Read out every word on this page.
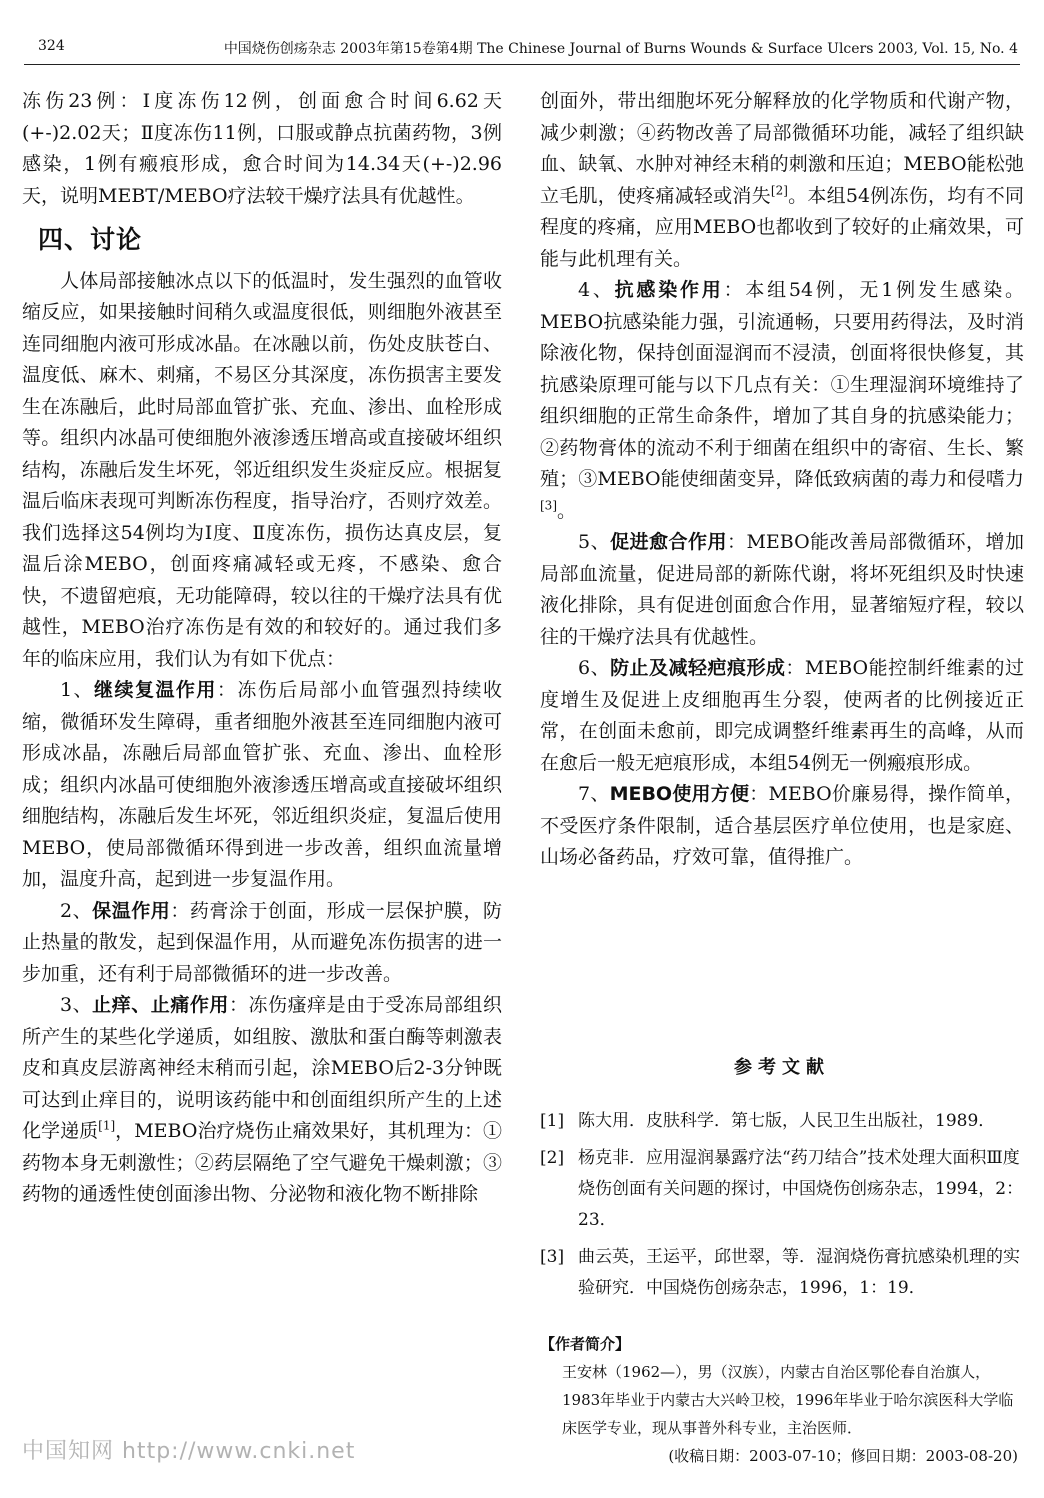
324	中国烧伤创疡杂志 2003年第15卷第4期 The Chinese Journal of Burns Wounds & Surface Ulcers 2003, Vol. 15, No. 4

冻伤23例：Ⅰ度冻伤12例，创面愈合时间6.62天(+-)2.02天；Ⅱ度冻伤11例，口服或静点抗菌药物，3例感染，1例有瘢痕形成，愈合时间为14.34天(+-)2.96天，说明MEBT/MEBO疗法较干燥疗法具有优越性。

四、讨论

人体局部接触冰点以下的低温时，发生强烈的血管收缩反应，如果接触时间稍久或温度很低，则细胞外液甚至连同细胞内液可形成冰晶。在冰融以前，伤处皮肤苍白、温度低、麻木、刺痛，不易区分其深度，冻伤损害主要发生在冻融后，此时局部血管扩张、充血、渗出、血栓形成等。组织内冰晶可使细胞外液渗透压增高或直接破坏组织结构，冻融后发生坏死，邻近组织发生炎症反应。根据复温后临床表现可判断冻伤程度，指导治疗，否则疗效差。我们选择这54例均为Ⅰ度、Ⅱ度冻伤，损伤达真皮层，复温后涂MEBO，创面疼痛减轻或无疼，不感染、愈合快，不遗留疤痕，无功能障碍，较以往的干燥疗法具有优越性，MEBO治疗冻伤是有效的和较好的。通过我们多年的临床应用，我们认为有如下优点：

1、继续复温作用：冻伤后局部小血管强烈持续收缩，微循环发生障碍，重者细胞外液甚至连同细胞内液可形成冰晶，冻融后局部血管扩张、充血、渗出、血栓形成；组织内冰晶可使细胞外液渗透压增高或直接破坏组织细胞结构，冻融后发生坏死，邻近组织炎症，复温后使用MEBO，使局部微循环得到进一步改善，组织血流量增加，温度升高，起到进一步复温作用。

2、保温作用：药膏涂于创面，形成一层保护膜，防止热量的散发，起到保温作用，从而避免冻伤损害的进一步加重，还有利于局部微循环的进一步改善。

3、止痒、止痛作用：冻伤瘙痒是由于受冻局部组织所产生的某些化学递质，如组胺、激肽和蛋白酶等刺激表皮和真皮层游离神经末稍而引起，涂MEBO后2-3分钟既可达到止痒目的，说明该药能中和创面组织所产生的上述化学递质[1]，MEBO治疗烧伤止痛效果好，其机理为：①药物本身无刺激性；②药层隔绝了空气避免干燥刺激；③药物的通透性使创面渗出物、分泌物和液化物不断排除

创面外，带出细胞坏死分解释放的化学物质和代谢产物，减少刺激；④药物改善了局部微循环功能，减轻了组织缺血、缺氧、水肿对神经末稍的刺激和压迫；MEBO能松弛立毛肌，使疼痛减轻或消失[2]。本组54例冻伤，均有不同程度的疼痛，应用MEBO也都收到了较好的止痛效果，可能与此机理有关。

4、抗感染作用：本组54例，无1例发生感染。MEBO抗感染能力强，引流通畅，只要用药得法，及时消除液化物，保持创面湿润而不浸渍，创面将很快修复，其抗感染原理可能与以下几点有关：①生理湿润环境维持了组织细胞的正常生命条件，增加了其自身的抗感染能力；②药物膏体的流动不利于细菌在组织中的寄宿、生长、繁殖；③MEBO能使细菌变异，降低致病菌的毒力和侵嗜力[3]。

5、促进愈合作用：MEBO能改善局部微循环，增加局部血流量，促进局部的新陈代谢，将坏死组织及时快速液化排除，具有促进创面愈合作用，显著缩短疗程，较以往的干燥疗法具有优越性。

6、防止及减轻疤痕形成：MEBO能控制纤维素的过度增生及促进上皮细胞再生分裂，使两者的比例接近正常，在创面未愈前，即完成调整纤维素再生的高峰，从而在愈后一般无疤痕形成，本组54例无一例瘢痕形成。

7、MEBO使用方便：MEBO价廉易得，操作简单，不受医疗条件限制，适合基层医疗单位使用，也是家庭、山场必备药品，疗效可靠，值得推广。

参考文献
[1] 陈大用．皮肤科学．第七版，人民卫生出版社，1989．
[2] 杨克非．应用湿润暴露疗法“药刀结合”技术处理大面积Ⅲ度烧伤创面有关问题的探讨，中国烧伤创疡杂志，1994，2：23．
[3] 曲云英，王运平，邱世翠，等．湿润烧伤膏抗感染机理的实验研究．中国烧伤创疡杂志，1996，1：19．
【作者简介】
王安林（1962—），男（汉族），内蒙古自治区鄂伦春自治旗人，1983年毕业于内蒙古大兴岭卫校，1996年毕业于哈尔滨医科大学临床医学专业，现从事普外科专业，主治医师．
(收稿日期：2003-07-10；修回日期：2003-08-20)
中国知网 http://www.cnki.net
